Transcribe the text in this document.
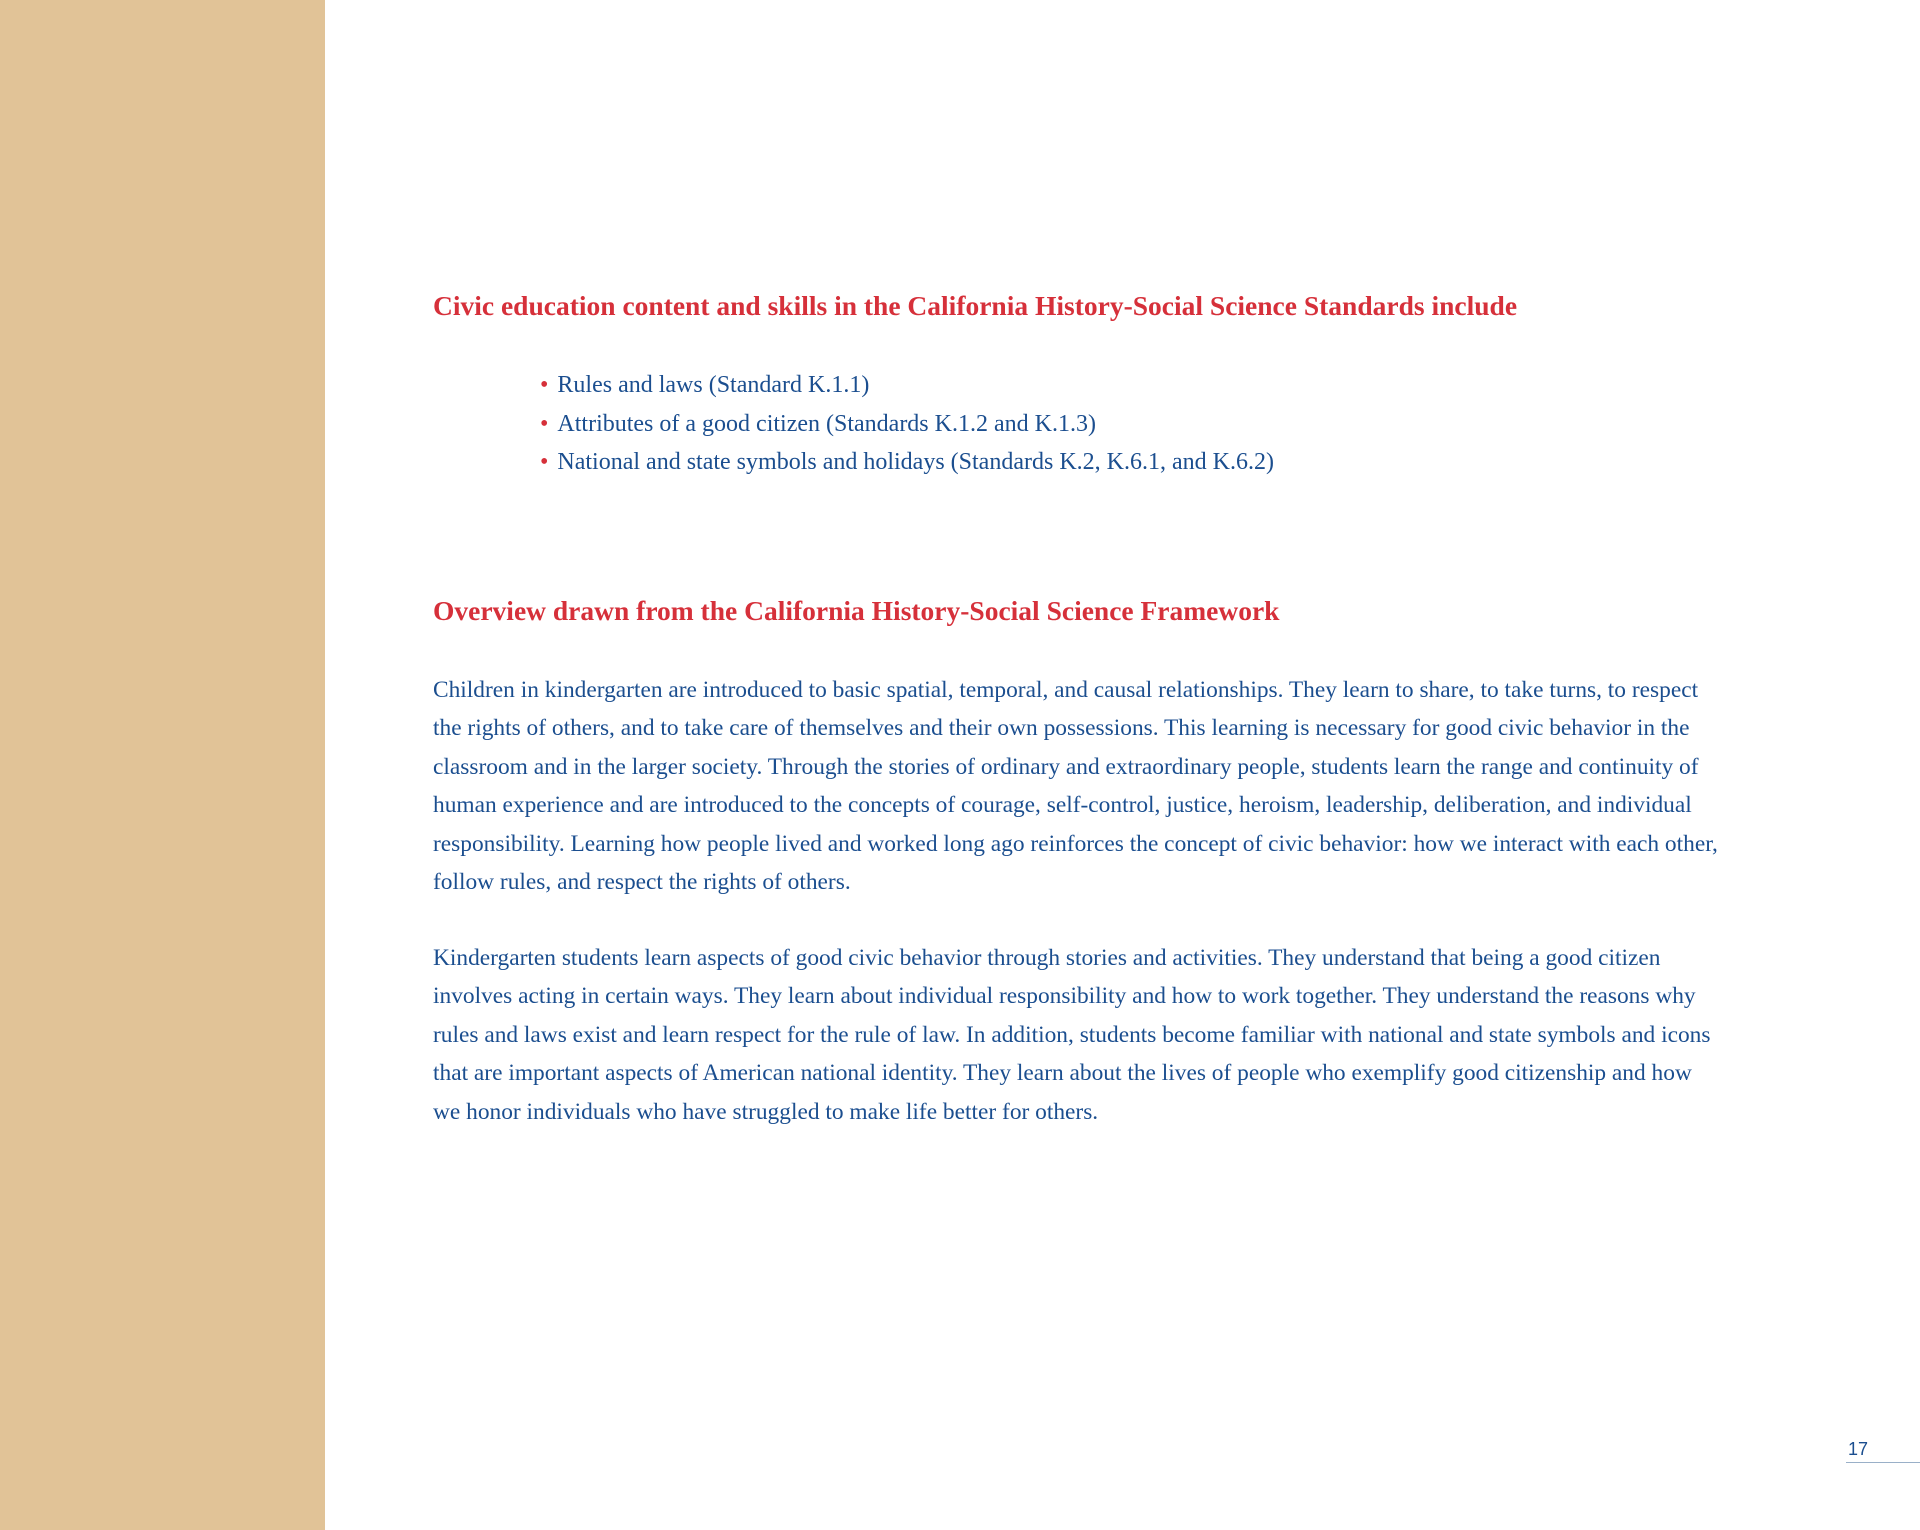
Civic education content and skills in the California History-Social Science Standards include
• Rules and laws (Standard K.1.1)
• Attributes of a good citizen (Standards K.1.2 and K.1.3)
• National and state symbols and holidays (Standards K.2, K.6.1, and K.6.2)
Overview drawn from the California History-Social Science Framework

Children in kindergarten are introduced to basic spatial, temporal, and causal relationships. They learn to share, to take turns, to respect the rights of others, and to take care of themselves and their own possessions. This learning is necessary for good civic behavior in the classroom and in the larger society. Through the stories of ordinary and extraordinary people, students learn the range and continuity of human experience and are introduced to the concepts of courage, self-control, justice, heroism, leadership, deliberation, and individual responsibility. Learning how people lived and worked long ago reinforces the concept of civic behavior: how we interact with each other, follow rules, and respect the rights of others.

Kindergarten students learn aspects of good civic behavior through stories and activities. They understand that being a good citizen involves acting in certain ways. They learn about individual responsibility and how to work together. They understand the reasons why rules and laws exist and learn respect for the rule of law. In addition, students become familiar with national and state symbols and icons that are important aspects of American national identity. They learn about the lives of people who exemplify good citizenship and how we honor individuals who have struggled to make life better for others.

17
